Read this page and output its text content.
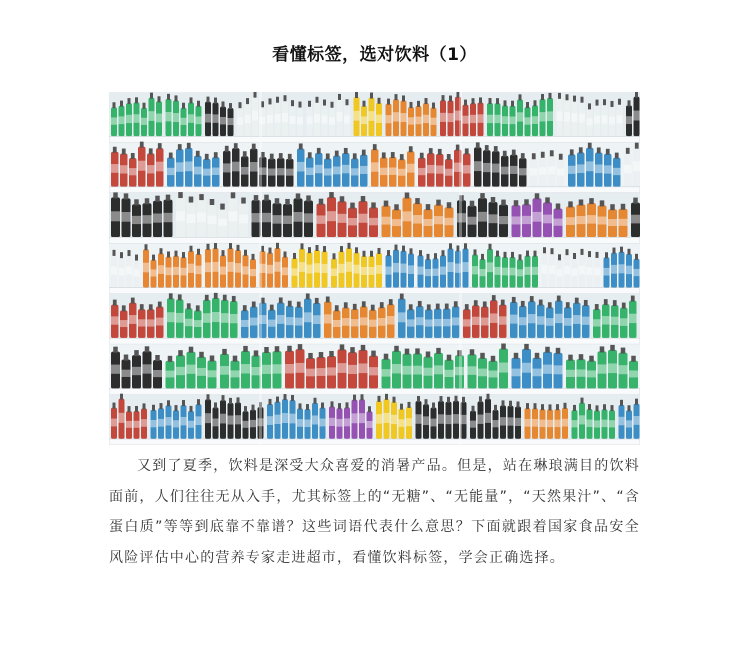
看懂标签，选对饮料（1）

又到了夏季，饮料是深受大众喜爱的消暑产品。但是，站在琳琅满目的饮料面前，人们往往无从入手，尤其标签上的“无糖”、“无能量”，“天然果汁”、“含蛋白质”等等到底靠不靠谱？这些词语代表什么意思？下面就跟着国家食品安全风险评估中心的营养专家走进超市，看懂饮料标签，学会正确选择。
